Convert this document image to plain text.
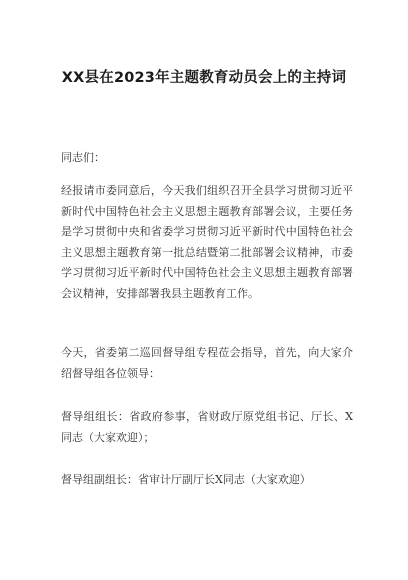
XX县在2023年主题教育动员会上的主持词

同志们：

经报请市委同意后，今天我们组织召开全县学习贯彻习近平新时代中国特色社会主义思想主题教育部署会议，主要任务是学习贯彻中央和省委学习贯彻习近平新时代中国特色社会主义思想主题教育第一批总结暨第二批部署会议精神，市委学习贯彻习近平新时代中国特色社会主义思想主题教育部署会议精神，安排部署我县主题教育工作。

今天，省委第二巡回督导组专程莅会指导，首先，向大家介绍督导组各位领导：

督导组组长：省政府参事，省财政厅原党组书记、厅长、X同志（大家欢迎）；

督导组副组长：省审计厅副厅长X同志（大家欢迎）
